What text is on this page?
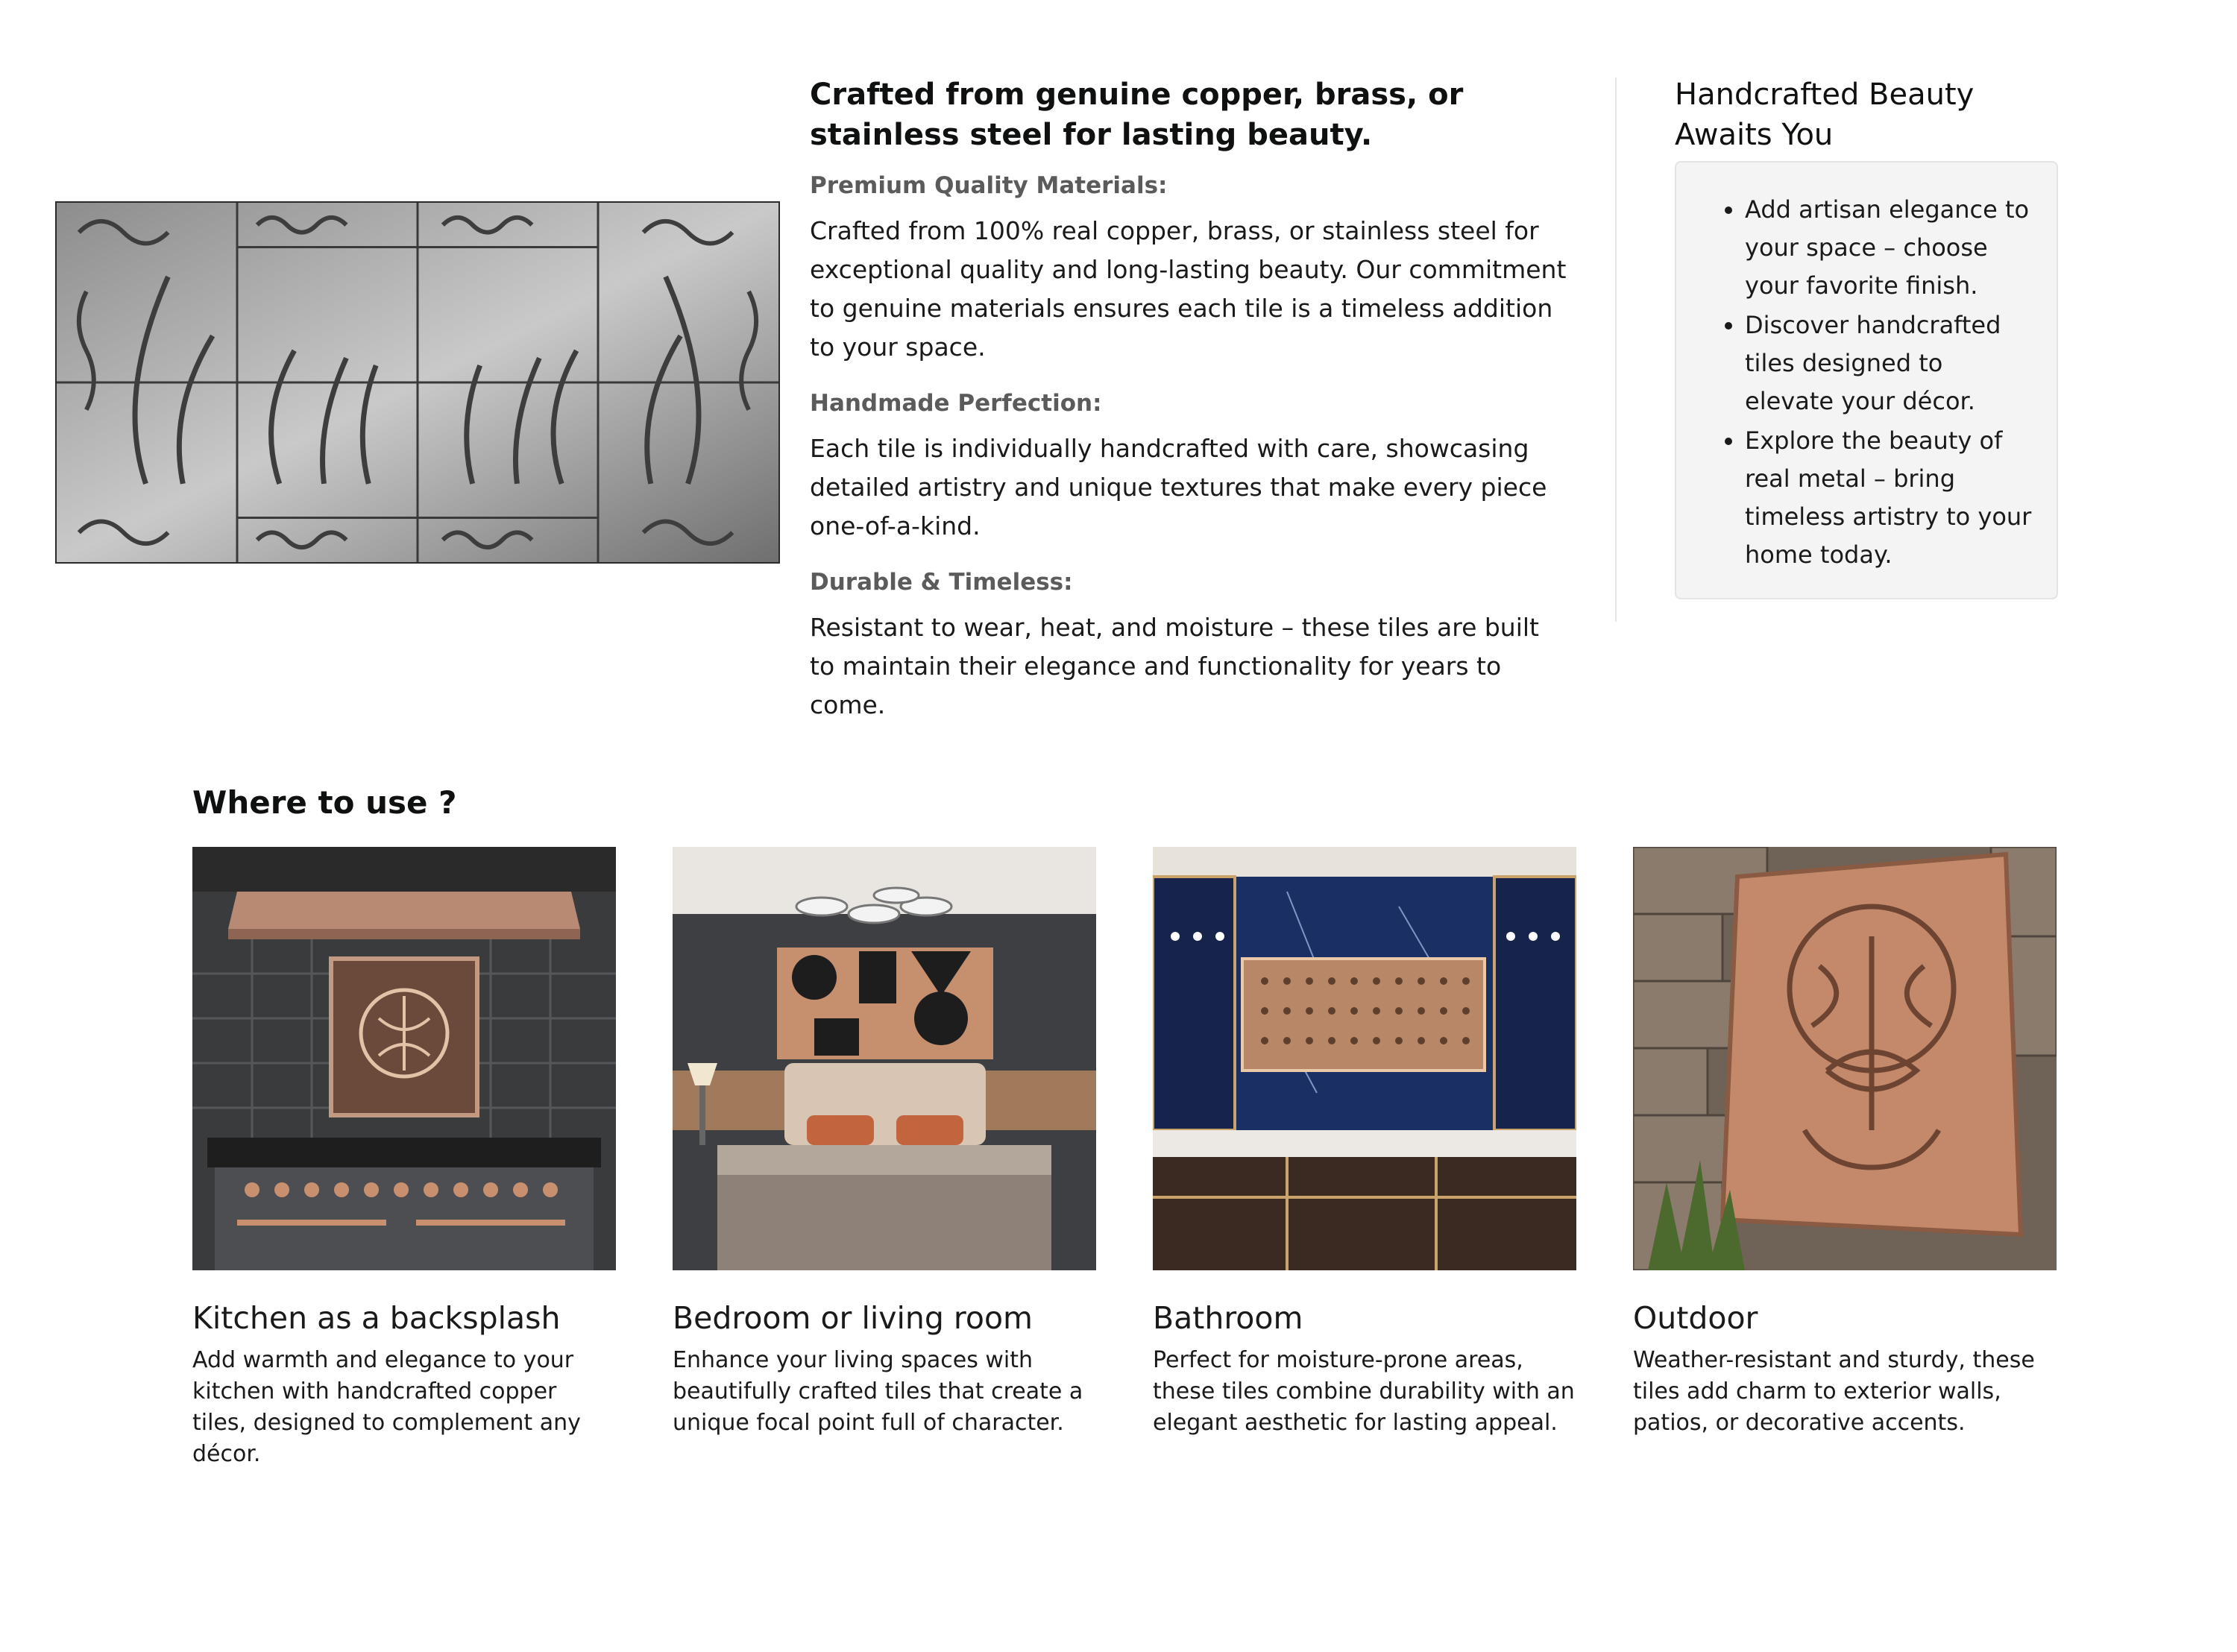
Crafted from genuine copper, brass, or stainless steel for lasting beauty.
Premium Quality Materials:

Crafted from 100% real copper, brass, or stainless steel for exceptional quality and long-lasting beauty. Our commitment to genuine materials ensures each tile is a timeless addition to your space.

Handmade Perfection:

Each tile is individually handcrafted with care, showcasing detailed artistry and unique textures that make every piece one-of-a-kind.

Durable & Timeless:

Resistant to wear, heat, and moisture – these tiles are built to maintain their elegance and functionality for years to come.

Handcrafted Beauty Awaits You
• Add artisan elegance to your space – choose your favorite finish.
• Discover handcrafted tiles designed to elevate your décor.
• Explore the beauty of real metal – bring timeless artistry to your home today.
Where to use ?
Kitchen as a backsplash
Add warmth and elegance to your kitchen with handcrafted copper tiles, designed to complement any décor.
Bedroom or living room
Enhance your living spaces with beautifully crafted tiles that create a unique focal point full of character.
Bathroom
Perfect for moisture-prone areas, these tiles combine durability with an elegant aesthetic for lasting appeal.
Outdoor
Weather-resistant and sturdy, these tiles add charm to exterior walls, patios, or decorative accents.
